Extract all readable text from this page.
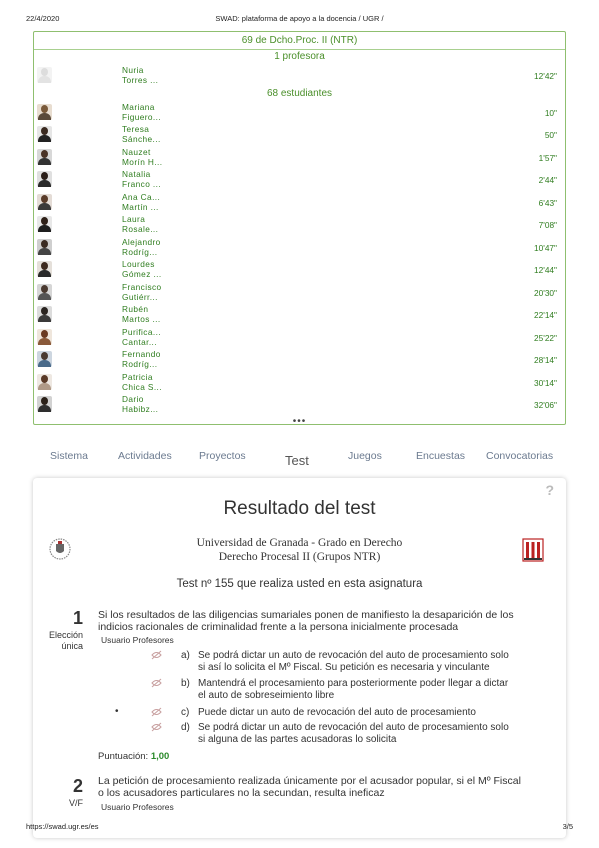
22/4/2020	SWAD: plataforma de apoyo a la docencia / UGR /
69 de Dcho.Proc. II (NTR)
1 profesora
Nuria
Torres ...	12'42"
68 estudiantes
Mariana
Figuero...	10"
Teresa
Sánche...	50"
Nauzet
Morín H...	1'57"
Natalia
Franco ...	2'44"
Ana Ca...
Martín ...	6'43"
Laura
Rosale...	7'08"
Alejandro
Rodríg...	10'47"
Lourdes
Gómez ...	12'44"
Francisco
Gutiérr...	20'30"
Rubén
Martos ...	22'14"
Purifica...
Cantar...	25'22"
Fernando
Rodríg...	28'14"
Patricia
Chica S...	30'14"
Dario
Habibz...	32'06"
•••
Sistema	Actividades	Proyectos	Test	Juegos	Encuestas Convocatorias
?
Resultado del test
Universidad de Granada - Grado en Derecho
Derecho Procesal II (Grupos NTR)
Test nº 155 que realiza usted en esta asignatura
1
Elección
única
Si los resultados de las diligencias sumariales ponen de manifiesto la desaparición de los
indicios racionales de criminalidad frente a la persona inicialmente procesada
Usuario Profesores
a) Se podrá dictar un auto de revocación del auto de procesamiento solo
si así lo solicita el Mº Fiscal. Su petición es necesaria y vinculante
b) Mantendrá el procesamiento para posteriormente poder llegar a dictar
el auto de sobreseimiento libre
•	c) Puede dictar un auto de revocación del auto de procesamiento
d) Se podrá dictar un auto de revocación del auto de procesamiento solo
si alguna de las partes acusadoras lo solicita
Puntuación: 1,00
2
V/F
La petición de procesamiento realizada únicamente por el acusador popular, si el Mº Fiscal
o los acusadores particulares no la secundan, resulta ineficaz
Usuario Profesores
https://swad.ugr.es/es	3/5
